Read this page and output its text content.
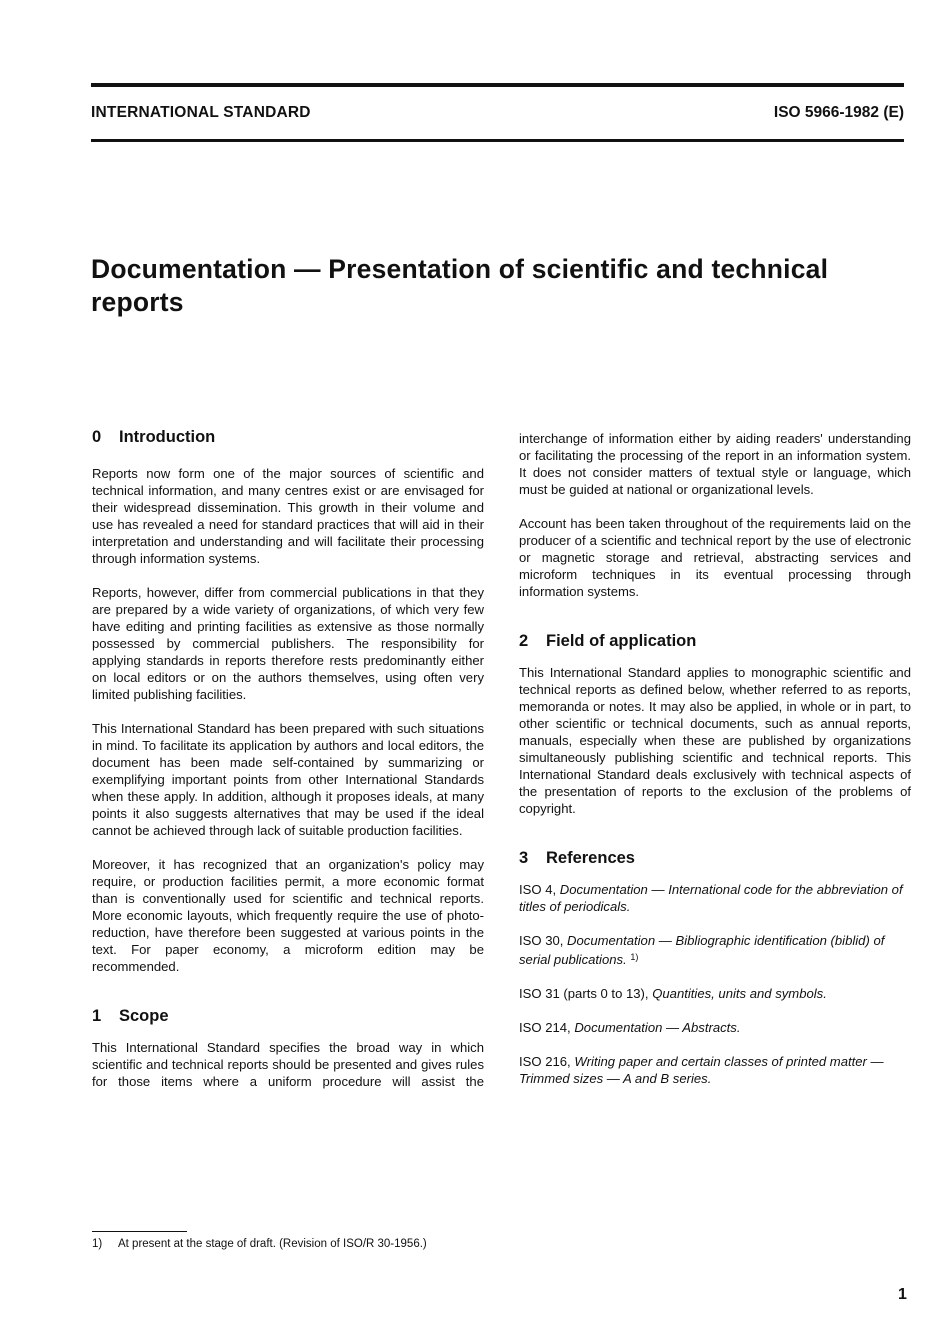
INTERNATIONAL STANDARD	ISO 5966-1982 (E)
Documentation — Presentation of scientific and technical reports
0 Introduction

Reports now form one of the major sources of scientific and technical information, and many centres exist or are envisaged for their widespread dissemination. This growth in their volume and use has revealed a need for standard practices that will aid in their interpretation and understanding and will facilitate their processing through information systems.

Reports, however, differ from commercial publications in that they are prepared by a wide variety of organizations, of which very few have editing and printing facilities as extensive as those normally possessed by commercial publishers. The responsibility for applying standards in reports therefore rests predominantly either on local editors or on the authors themselves, using often very limited publishing facilities.

This International Standard has been prepared with such situations in mind. To facilitate its application by authors and local editors, the document has been made self-contained by summarizing or exemplifying important points from other International Standards when these apply. In addition, although it proposes ideals, at many points it also suggests alternatives that may be used if the ideal cannot be achieved through lack of suitable production facilities.

Moreover, it has recognized that an organization's policy may require, or production facilities permit, a more economic format than is conventionally used for scientific and technical reports. More economic layouts, which frequently require the use of photo-reduction, have therefore been suggested at various points in the text. For paper economy, a microform edition may be recommended.

1 Scope

This International Standard specifies the broad way in which scientific and technical reports should be presented and gives rules for those items where a uniform procedure will assist the

interchange of information either by aiding readers' understanding or facilitating the processing of the report in an information system. It does not consider matters of textual style or language, which must be guided at national or organizational levels.

Account has been taken throughout of the requirements laid on the producer of a scientific and technical report by the use of electronic or magnetic storage and retrieval, abstracting services and microform techniques in its eventual processing through information systems.

2 Field of application

This International Standard applies to monographic scientific and technical reports as defined below, whether referred to as reports, memoranda or notes. It may also be applied, in whole or in part, to other scientific or technical documents, such as annual reports, manuals, especially when these are published by organizations simultaneously publishing scientific and technical reports. This International Standard deals exclusively with technical aspects of the presentation of reports to the exclusion of the problems of copyright.

3 References

ISO 4, Documentation — International code for the abbreviation of titles of periodicals.

ISO 30, Documentation — Bibliographic identification (biblid) of serial publications. $^{1)}$

ISO 31 (parts 0 to 13), Quantities, units and symbols.

ISO 214, Documentation — Abstracts.

ISO 216, Writing paper and certain classes of printed matter — Trimmed sizes — A and B series.

1) At present at the stage of draft. (Revision of ISO/R 30-1956.)
1
